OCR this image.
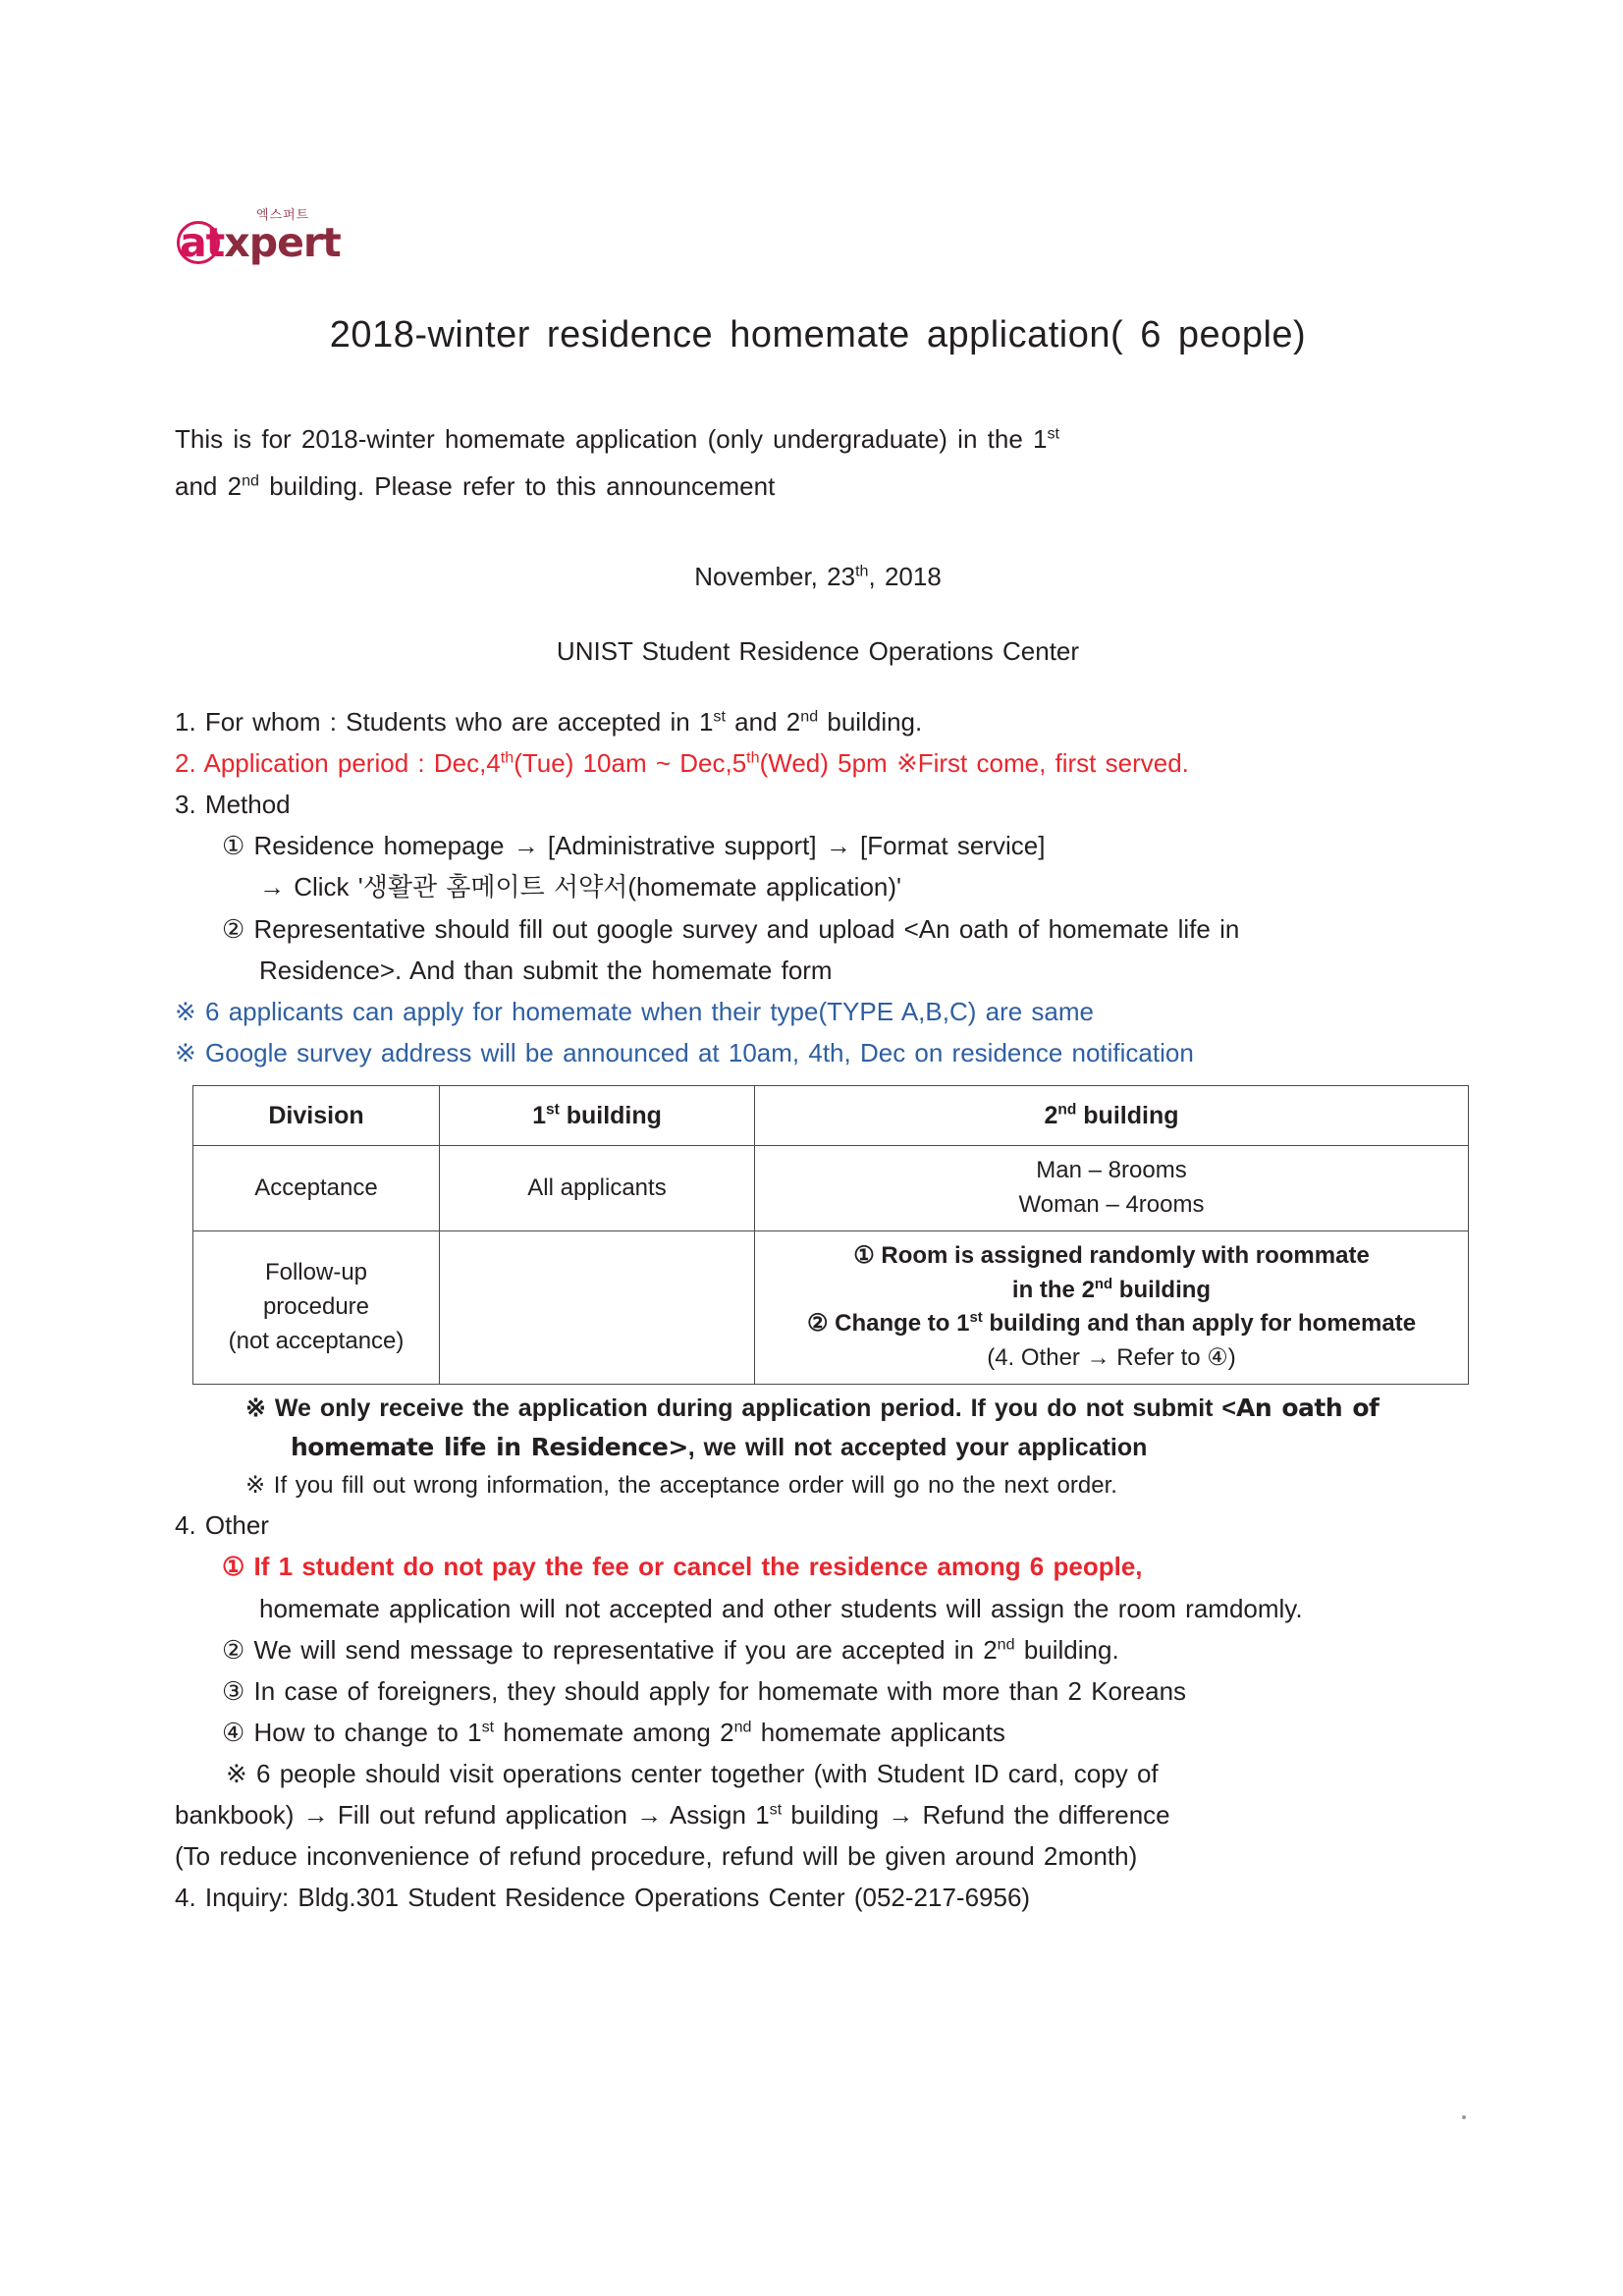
엑스퍼트
atxpert
2018-winter residence homemate application( 6 people)

This is for 2018-winter homemate application (only undergraduate) in the 1st
and 2nd building. Please refer to this announcement

November, 23th, 2018

UNIST Student Residence Operations Center

1. For whom : Students who are accepted in 1st and 2nd building.

2. Application period : Dec,4th(Tue) 10am ~ Dec,5th(Wed) 5pm ※First come, first served.

3. Method

① Residence homepage → [Administrative support] → [Format service]

→ Click '생활관 홈메이트 서약서(homemate application)'

② Representative should fill out google survey and upload <An oath of homemate life in

Residence>. And than submit the homemate form

※ 6 applicants can apply for homemate when their type(TYPE A,B,C) are same

※ Google survey address will be announced at 10am, 4th, Dec on residence notification

Division	1st building	2nd building
Acceptance	All applicants	Man – 8rooms
Woman – 4rooms
Follow-up
procedure
(not acceptance)		① Room is assigned randomly with roommate
in the 2nd building
② Change to 1st building and than apply for homemate
(4. Other → Refer to ④)

※ We only receive the application during application period. If you do not submit <An oath of homemate life in Residence>, we will not accepted your application

※ If you fill out wrong information, the acceptance order will go no the next order.

4. Other

① If 1 student do not pay the fee or cancel the residence among 6 people,

homemate application will not accepted and other students will assign the room ramdomly.

② We will send message to representative if you are accepted in 2nd building.

③ In case of foreigners, they should apply for homemate with more than 2 Koreans

④ How to change to 1st homemate among 2nd homemate applicants

※ 6 people should visit operations center together (with Student ID card, copy of

bankbook) → Fill out refund application → Assign 1st building → Refund the difference

(To reduce inconvenience of refund procedure, refund will be given around 2month)

4. Inquiry: Bldg.301 Student Residence Operations Center (052-217-6956)
